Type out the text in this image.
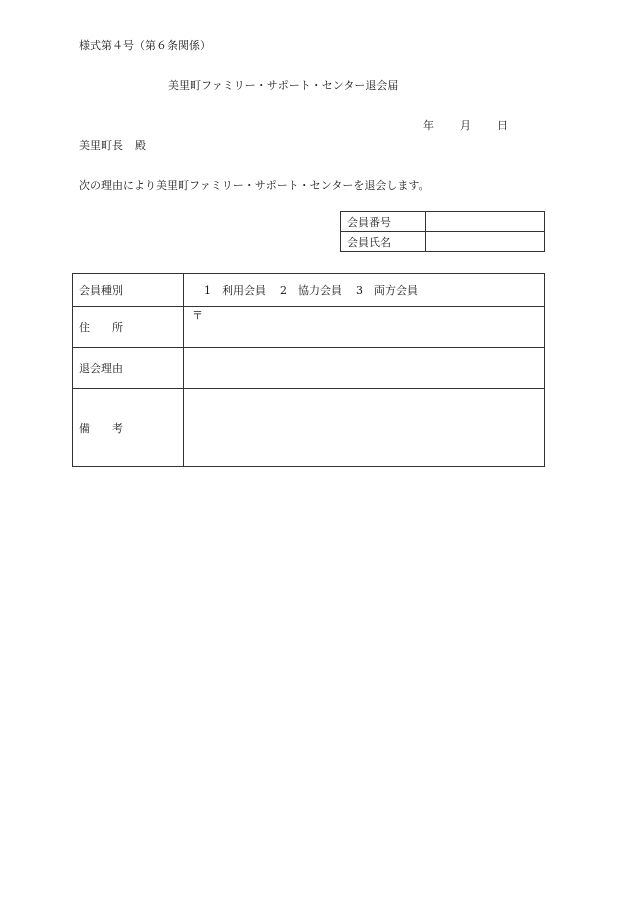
様式第４号（第６条関係）
美里町ファミリー・サポート・センター退会届
年 月 日
美里町長 殿
次の理由により美里町ファミリー・サポート・センターを退会します。
会員番号	
会員氏名	
会員種別	1　利用会員 2　協力会員 3　両方会員
住 所	〒
退会理由	
備 考	
